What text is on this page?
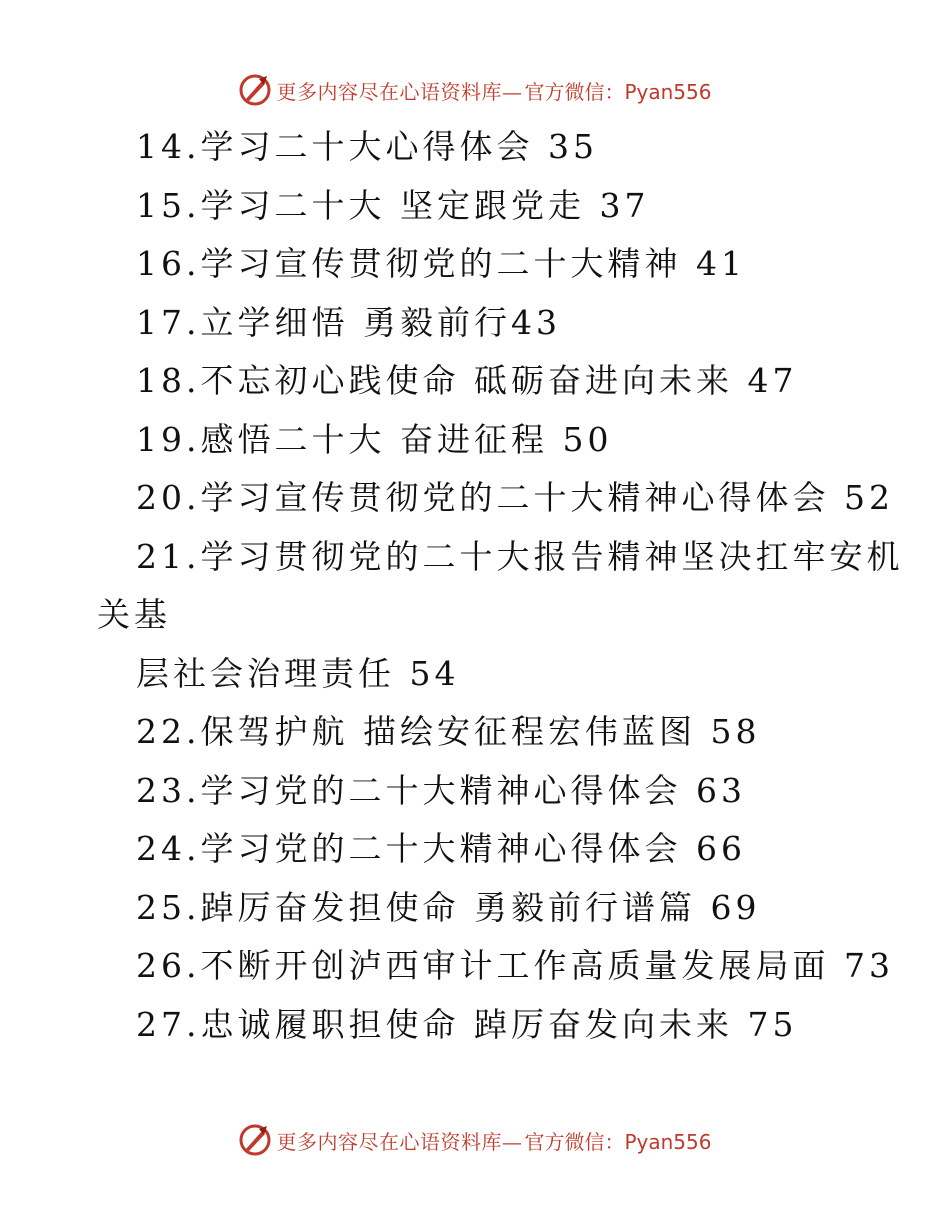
更多内容尽在心语资料库— 官方微信：Pyan556
14.学习二十大心得体会 35
15.学习二十大 坚定跟党走 37
16.学习宣传贯彻党的二十大精神 41
17.立学细悟 勇毅前行43
18.不忘初心践使命 砥砺奋进向未来 47
19.感悟二十大 奋进征程 50
20.学习宣传贯彻党的二十大精神心得体会 52
21.学习贯彻党的二十大报告精神坚决扛牢安机
关基
层社会治理责任 54
22.保驾护航 描绘安征程宏伟蓝图 58
23.学习党的二十大精神心得体会 63
24.学习党的二十大精神心得体会 66
25.踔厉奋发担使命 勇毅前行谱篇 69
26.不断开创泸西审计工作高质量发展局面 73
27.忠诚履职担使命 踔厉奋发向未来 75
更多内容尽在心语资料库— 官方微信：Pyan556
